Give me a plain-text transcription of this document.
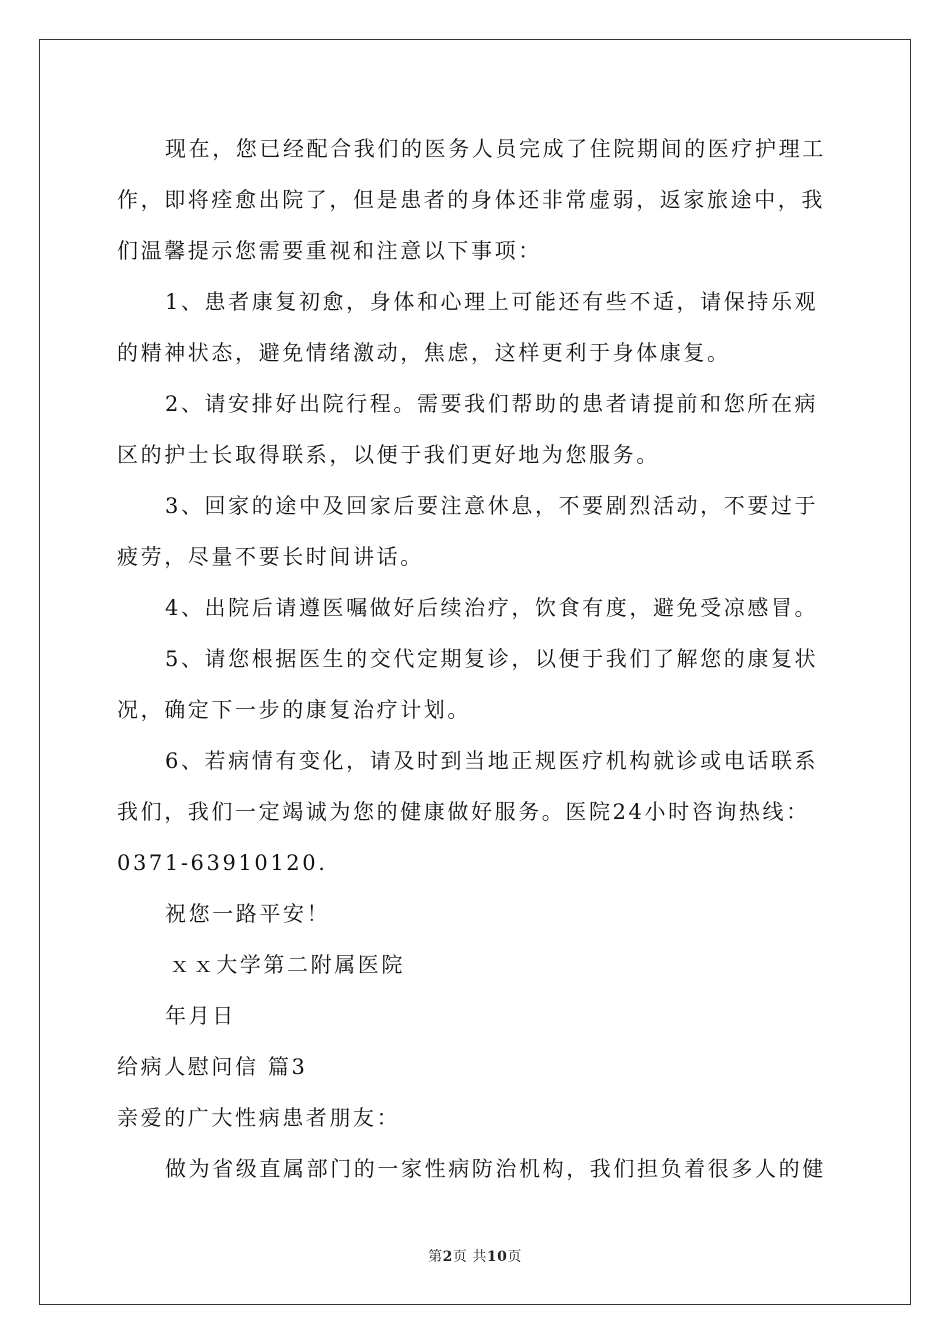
现在，您已经配合我们的医务人员完成了住院期间的医疗护理工

作，即将痊愈出院了，但是患者的身体还非常虚弱，返家旅途中，我

们温馨提示您需要重视和注意以下事项：

1、患者康复初愈，身体和心理上可能还有些不适，请保持乐观

的精神状态，避免情绪激动，焦虑，这样更利于身体康复。

2、请安排好出院行程。需要我们帮助的患者请提前和您所在病

区的护士长取得联系，以便于我们更好地为您服务。

3、回家的途中及回家后要注意休息，不要剧烈活动，不要过于

疲劳，尽量不要长时间讲话。

4、出院后请遵医嘱做好后续治疗，饮食有度，避免受凉感冒。

5、请您根据医生的交代定期复诊，以便于我们了解您的康复状

况，确定下一步的康复治疗计划。

6、若病情有变化，请及时到当地正规医疗机构就诊或电话联系

我们，我们一定竭诚为您的健康做好服务。医院24小时咨询热线：

0371-63910120.

祝您一路平安！

ｘｘ大学第二附属医院

年月日

给病人慰问信 篇3

亲爱的广大性病患者朋友：

做为省级直属部门的一家性病防治机构，我们担负着很多人的健

第2页 共10页
